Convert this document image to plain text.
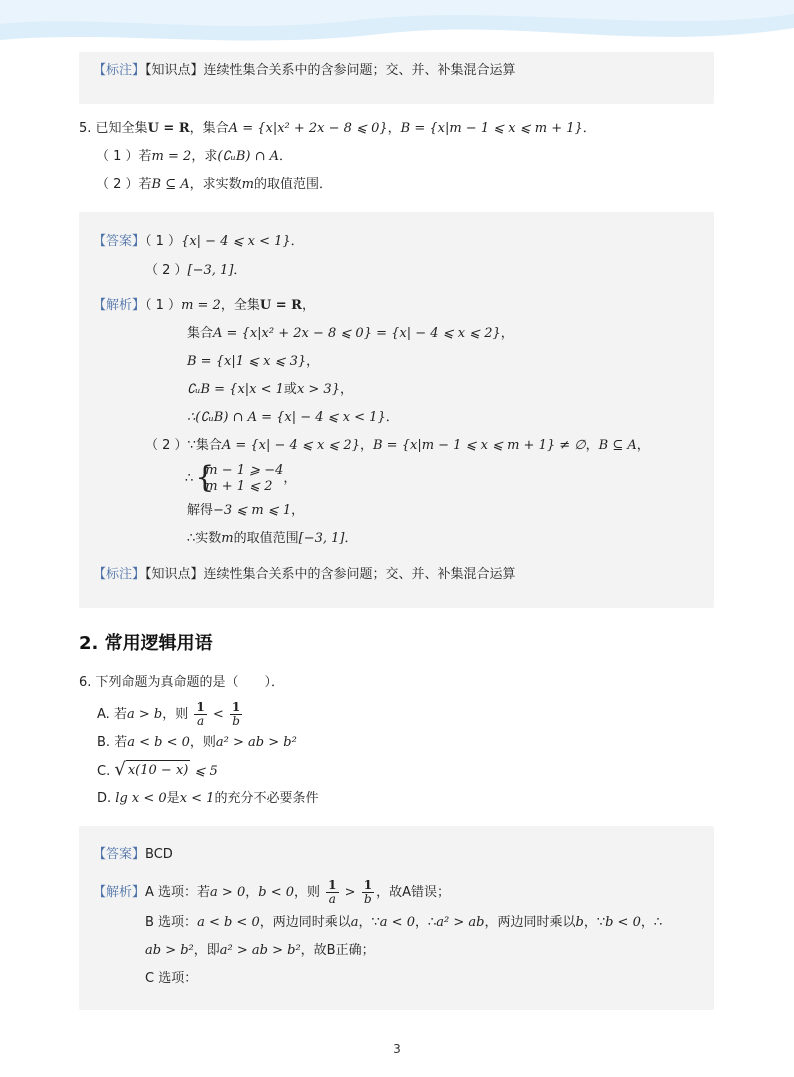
【标注】【知识点】连续性集合关系中的含参问题；交、并、补集混合运算
5. 已知全集U = R，集合A = {x|x² + 2x − 8 ⩽ 0}，B = {x|m − 1 ⩽ x ⩽ m + 1}．
（ 1 ）若m = 2，求(∁ᵤB) ∩ A．
（ 2 ）若B ⊆ A，求实数m的取值范围．
【答案】（ 1 ）{x| − 4 ⩽ x < 1}．
（ 2 ）[−3, 1]．
【解析】（ 1 ）m = 2，全集U = R，
集合A = {x|x² + 2x − 8 ⩽ 0} = {x| − 4 ⩽ x ⩽ 2}，
B = {x|1 ⩽ x ⩽ 3}，
∁ᵤB = {x|x < 1或x > 3}，
∴(∁ᵤB) ∩ A = {x| − 4 ⩽ x < 1}．
（ 2 ）∵集合A = {x| − 4 ⩽ x ⩽ 2}，B = {x|m − 1 ⩽ x ⩽ m + 1} ≠ ∅，B ⊆ A，
∴ {
m − 1 ⩾ −4
m + 1 ⩽ 2 ，
解得−3 ⩽ m ⩽ 1，
∴实数m的取值范围[−3, 1]．
【标注】【知识点】连续性集合关系中的含参问题；交、并、补集混合运算
2. 常用逻辑用语
6. 下列命题为真命题的是（　　）．
A. 若a > b，则 $\frac{1}{a} < \frac{1}{b}$
B. 若a < b < 0，则a² > ab > b²
C. √ x(10 − x) ⩽ 5
D. lg x < 0是x < 1的充分不必要条件
【答案】BCD
【解析】A 选项：若a > 0，b < 0，则 $\frac{1}{a} > \frac{1}{b}$ ，故A错误；
B 选项：a < b < 0，两边同时乘以a，∵a < 0，∴a² > ab，两边同时乘以b，∵b < 0，∴
ab > b²，即a² > ab > b²，故B正确；
C 选项：
3
